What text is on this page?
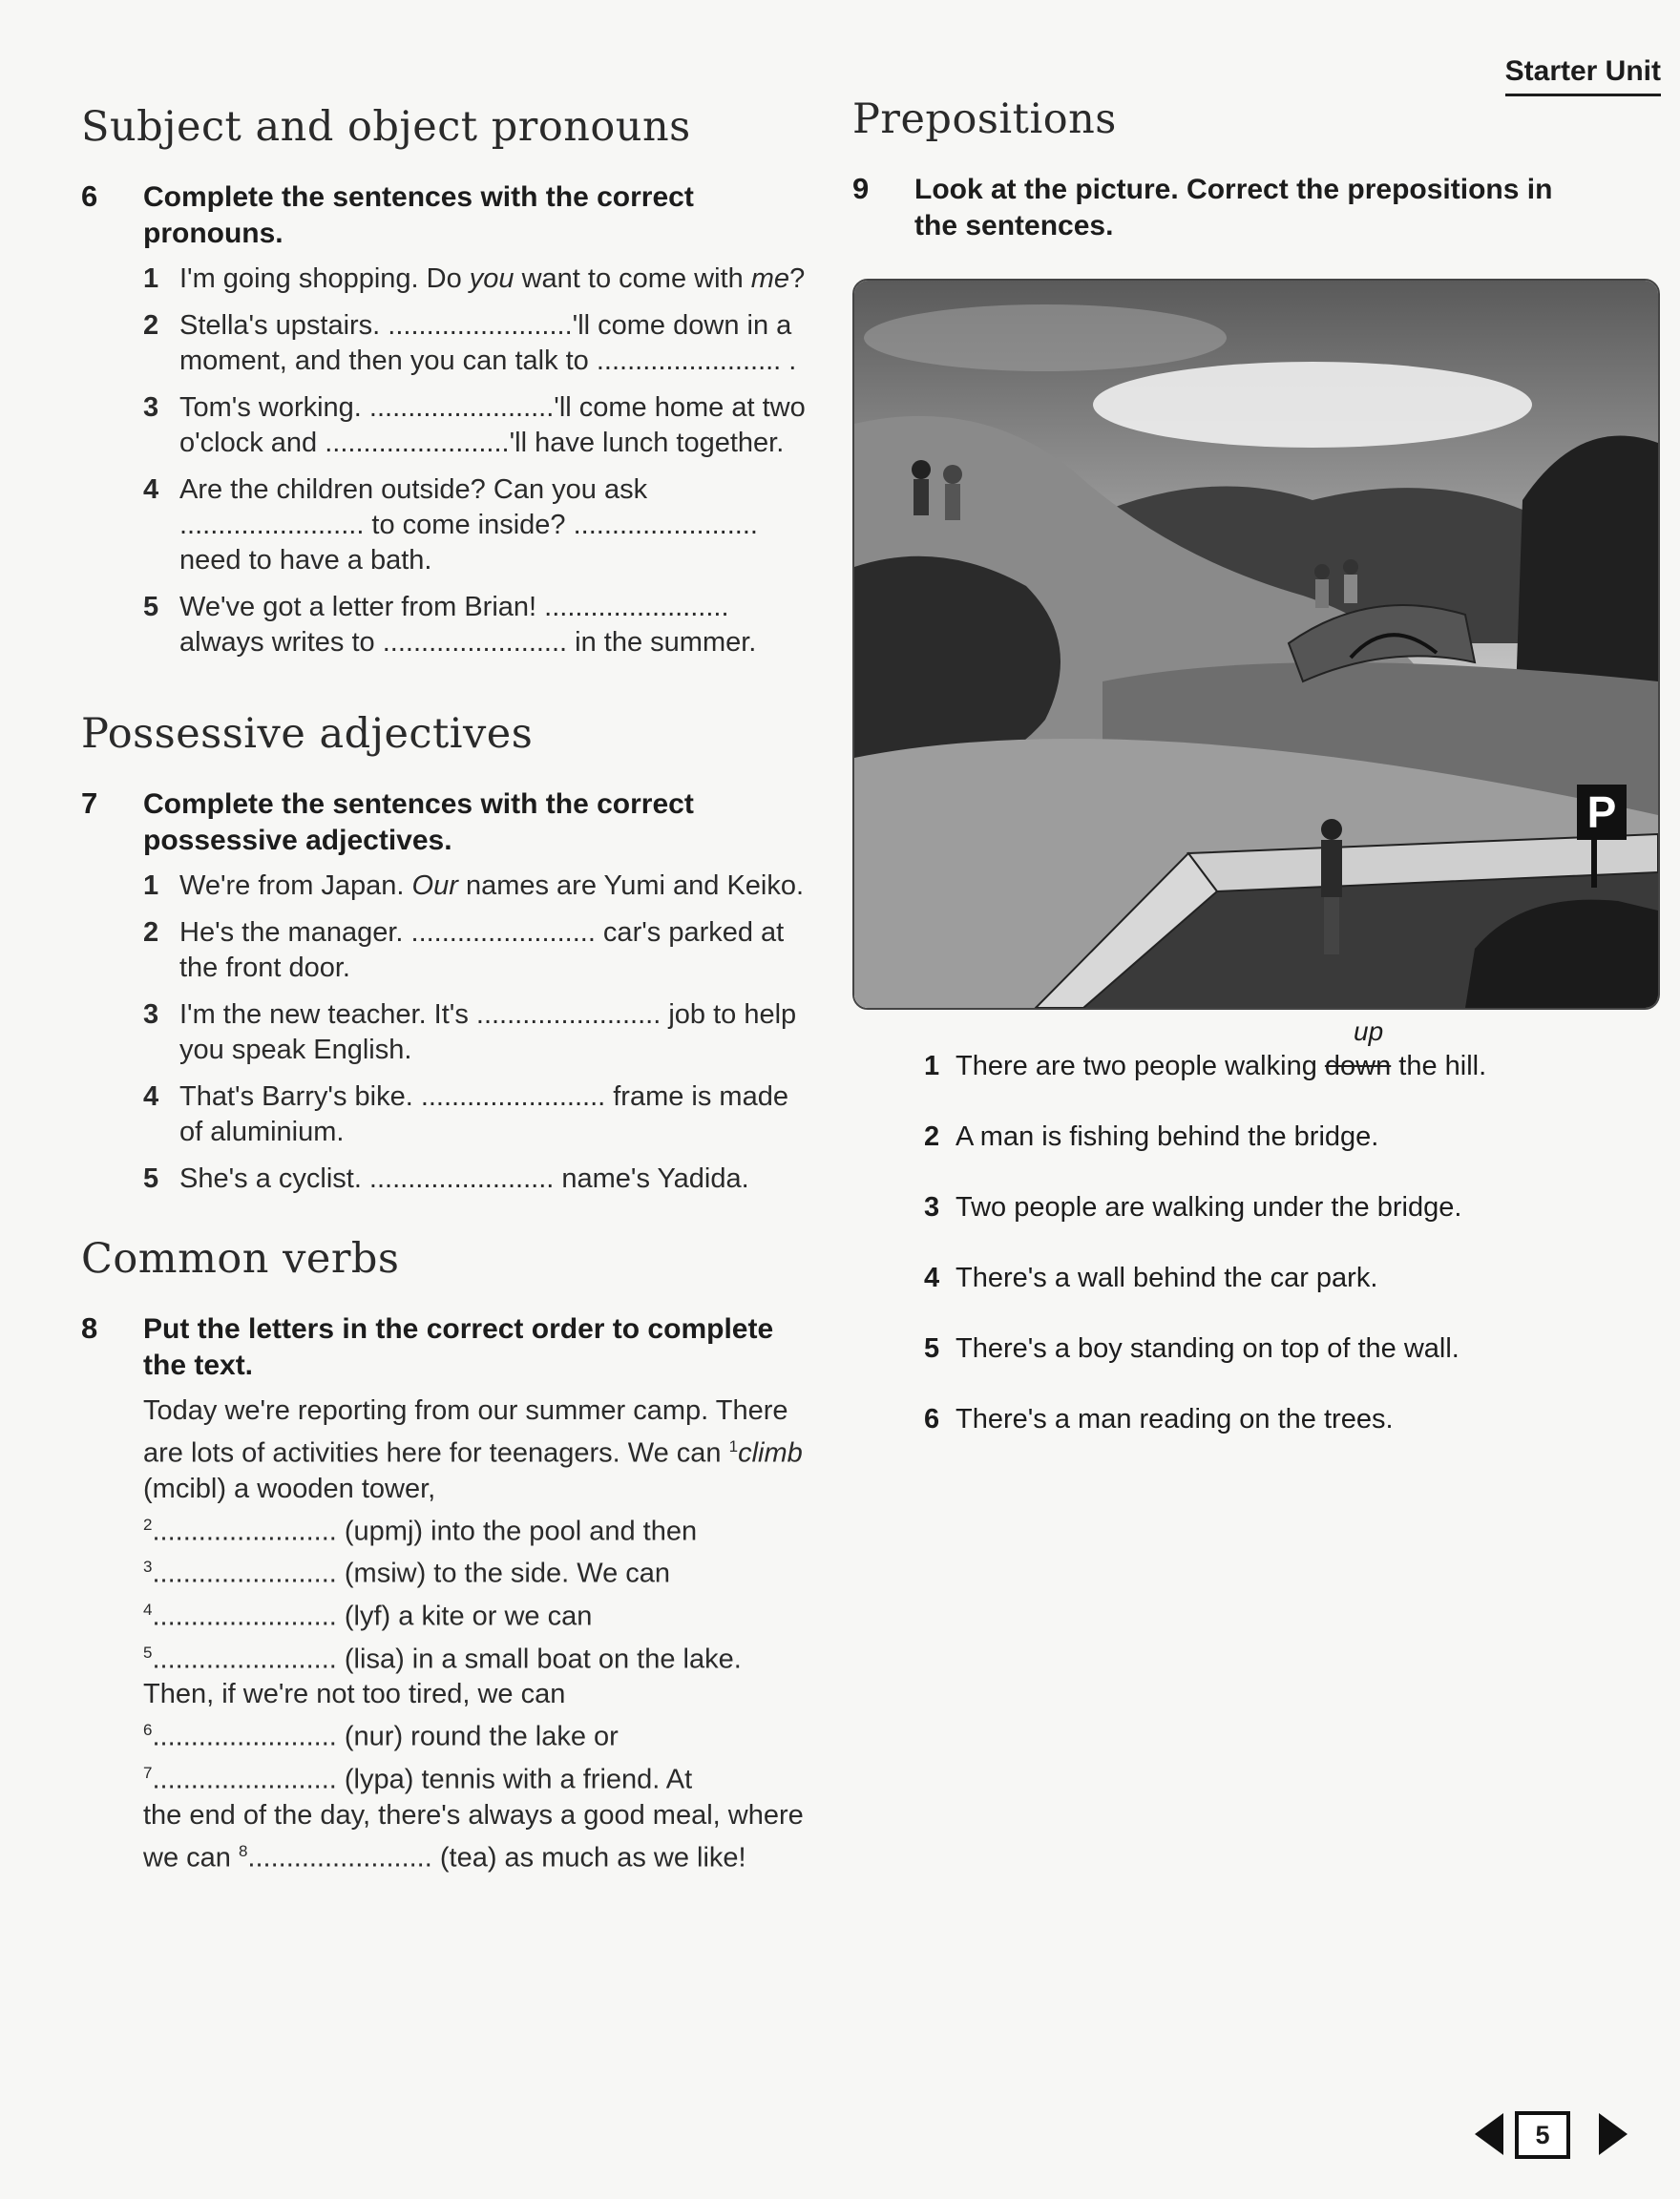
Starter Unit
Subject and object pronouns
6 Complete the sentences with the correct pronouns.

1 I'm going shopping. Do you want to come with me?
2 Stella's upstairs. ........................'ll come down in a moment, and then you can talk to ........................ .
3 Tom's working. ........................'ll come home at two o'clock and ........................'ll have lunch together.
4 Are the children outside? Can you ask ........................ to come inside? ........................ need to have a bath.
5 We've got a letter from Brian! ........................ always writes to ........................ in the summer.
Possessive adjectives
7 Complete the sentences with the correct possessive adjectives.

1 We're from Japan. Our names are Yumi and Keiko.
2 He's the manager. ........................ car's parked at the front door.
3 I'm the new teacher. It's ........................ job to help you speak English.
4 That's Barry's bike. ........................ frame is made of aluminium.
5 She's a cyclist. ........................ name's Yadida.
Common verbs
8 Put the letters in the correct order to complete the text.

Today we're reporting from our summer camp. There are lots of activities here for teenagers. We can $^1$climb (mcibl) a wooden tower,
$^2$........................ (upmj) into the pool and then
$^3$........................ (msiw) to the side. We can
$^4$........................ (lyf) a kite or we can
$^5$........................ (lisa) in a small boat on the lake.
Then, if we're not too tired, we can
$^6$........................ (nur) round the lake or
$^7$........................ (lypa) tennis with a friend. At
the end of the day, there's always a good meal, where we can $^8$........................ (tea) as much as we like!
Prepositions
9 Look at the picture. Correct the prepositions in the sentences.

P
1 There are two people walking down the hill.
up
2 A man is fishing behind the bridge.
3 Two people are walking under the bridge.
4 There's a wall behind the car park.
5 There's a boy standing on top of the wall.
6 There's a man reading on the trees.
5
